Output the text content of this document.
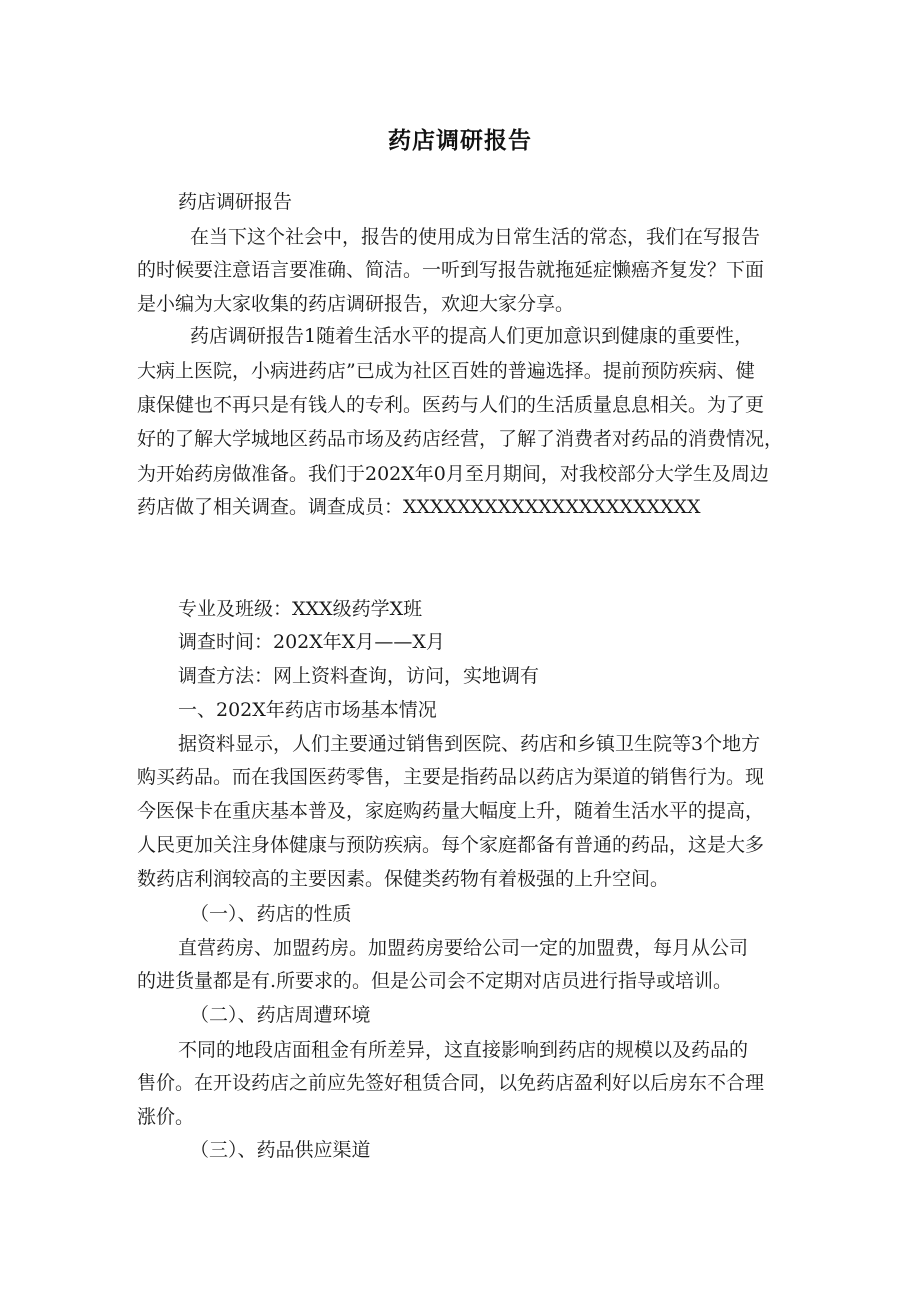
药店调研报告
药店调研报告
在当下这个社会中，报告的使用成为日常生活的常态，我们在写报告
的时候要注意语言要准确、简洁。一听到写报告就拖延症懒癌齐复发？下面
是小编为大家收集的药店调研报告，欢迎大家分享。
药店调研报告1随着生活水平的提高人们更加意识到健康的重要性，
大病上医院，小病进药店”已成为社区百姓的普遍选择。提前预防疾病、健
康保健也不再只是有钱人的专利。医药与人们的生活质量息息相关。为了更
好的了解大学城地区药品市场及药店经营，了解了消费者对药品的消费情况，
为开始药房做准备。我们于202X年0月至月期间，对我校部分大学生及周边
药店做了相关调查。调查成员：XXXXXXXXXXXXXXXXXXXXXX
专业及班级：XXX级药学X班
调查时间：202X年X月——X月
调查方法：网上资料查询，访问，实地调有
一、202X年药店市场基本情况
据资料显示，人们主要通过销售到医院、药店和乡镇卫生院等3个地方
购买药品。而在我国医药零售，主要是指药品以药店为渠道的销售行为。现
今医保卡在重庆基本普及，家庭购药量大幅度上升，随着生活水平的提高，
人民更加关注身体健康与预防疾病。每个家庭都备有普通的药品，这是大多
数药店利润较高的主要因素。保健类药物有着极强的上升空间。
（一）、药店的性质
直营药房、加盟药房。加盟药房要给公司一定的加盟费，每月从公司
的进货量都是有.所要求的。但是公司会不定期对店员进行指导或培训。
（二）、药店周遭环境
不同的地段店面租金有所差异，这直接影响到药店的规模以及药品的
售价。在开设药店之前应先签好租赁合同，以免药店盈利好以后房东不合理
涨价。
（三）、药品供应渠道
